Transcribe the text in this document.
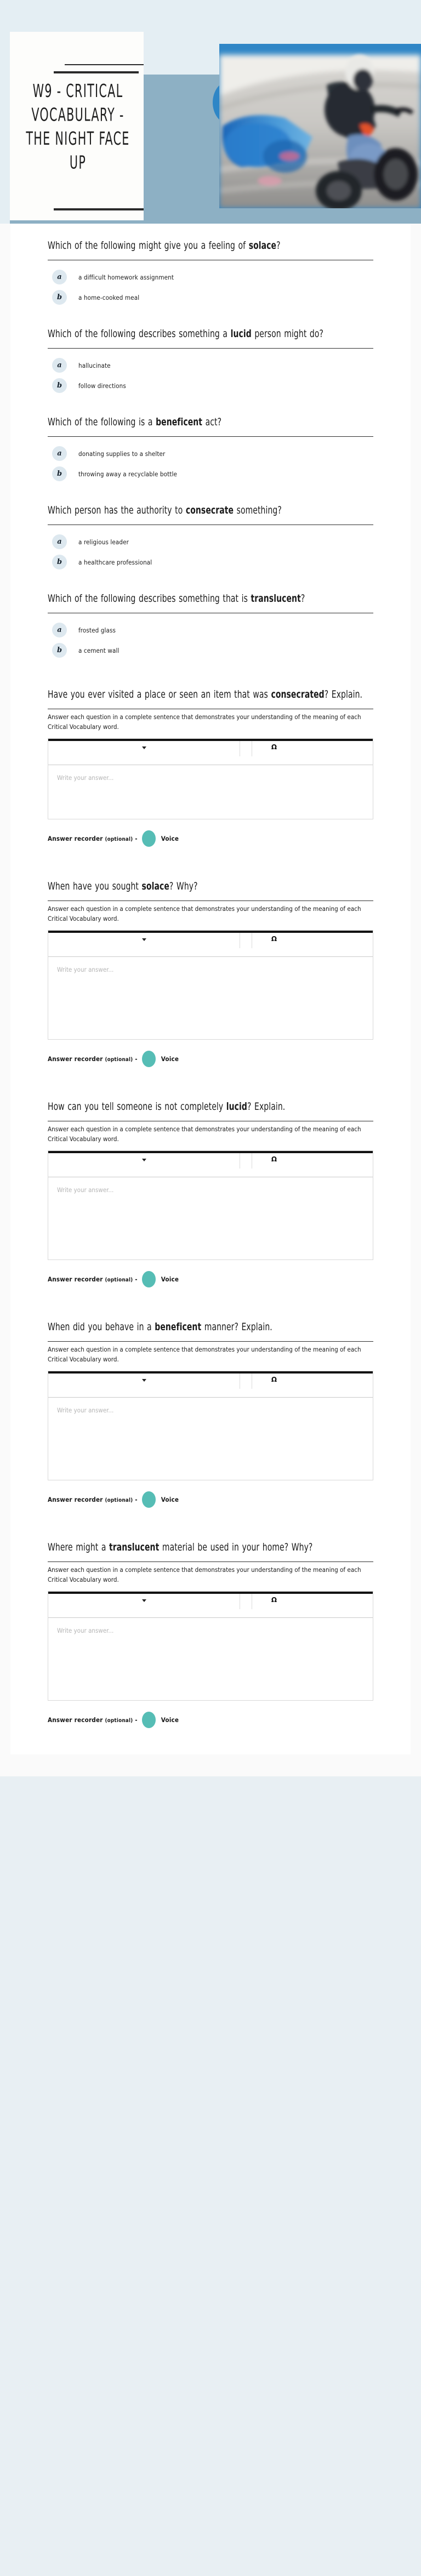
W9 - CRITICAL VOCABULARY - THE NIGHT FACE UP
Which of the following might give you a feeling of solace?
a	a difficult homework assignment
b	a home-cooked meal
Which of the following describes something a lucid person might do?
a	hallucinate
b	follow directions
Which of the following is a beneficent act?
a	donating supplies to a shelter
b	throwing away a recyclable bottle
Which person has the authority to consecrate something?
a	a religious leader
b	a healthcare professional
Which of the following describes something that is translucent?
a	frosted glass
b	a cement wall
Have you ever visited a place or seen an item that was consecrated? Explain.
Answer each question in a complete sentence that demonstrates your understanding of the meaning of each Critical Vocabulary word.
Ω
Write your answer...
Answer recorder (optional) -	Voice
When have you sought solace? Why?
Answer each question in a complete sentence that demonstrates your understanding of the meaning of each Critical Vocabulary word.
Ω
Write your answer...
Answer recorder (optional) -	Voice
How can you tell someone is not completely lucid? Explain.
Answer each question in a complete sentence that demonstrates your understanding of the meaning of each Critical Vocabulary word.
Ω
Write your answer...
Answer recorder (optional) -	Voice
When did you behave in a beneficent manner? Explain.
Answer each question in a complete sentence that demonstrates your understanding of the meaning of each Critical Vocabulary word.
Ω
Write your answer...
Answer recorder (optional) -	Voice
Where might a translucent material be used in your home? Why?
Answer each question in a complete sentence that demonstrates your understanding of the meaning of each Critical Vocabulary word.
Ω
Write your answer...
Answer recorder (optional) -	Voice
